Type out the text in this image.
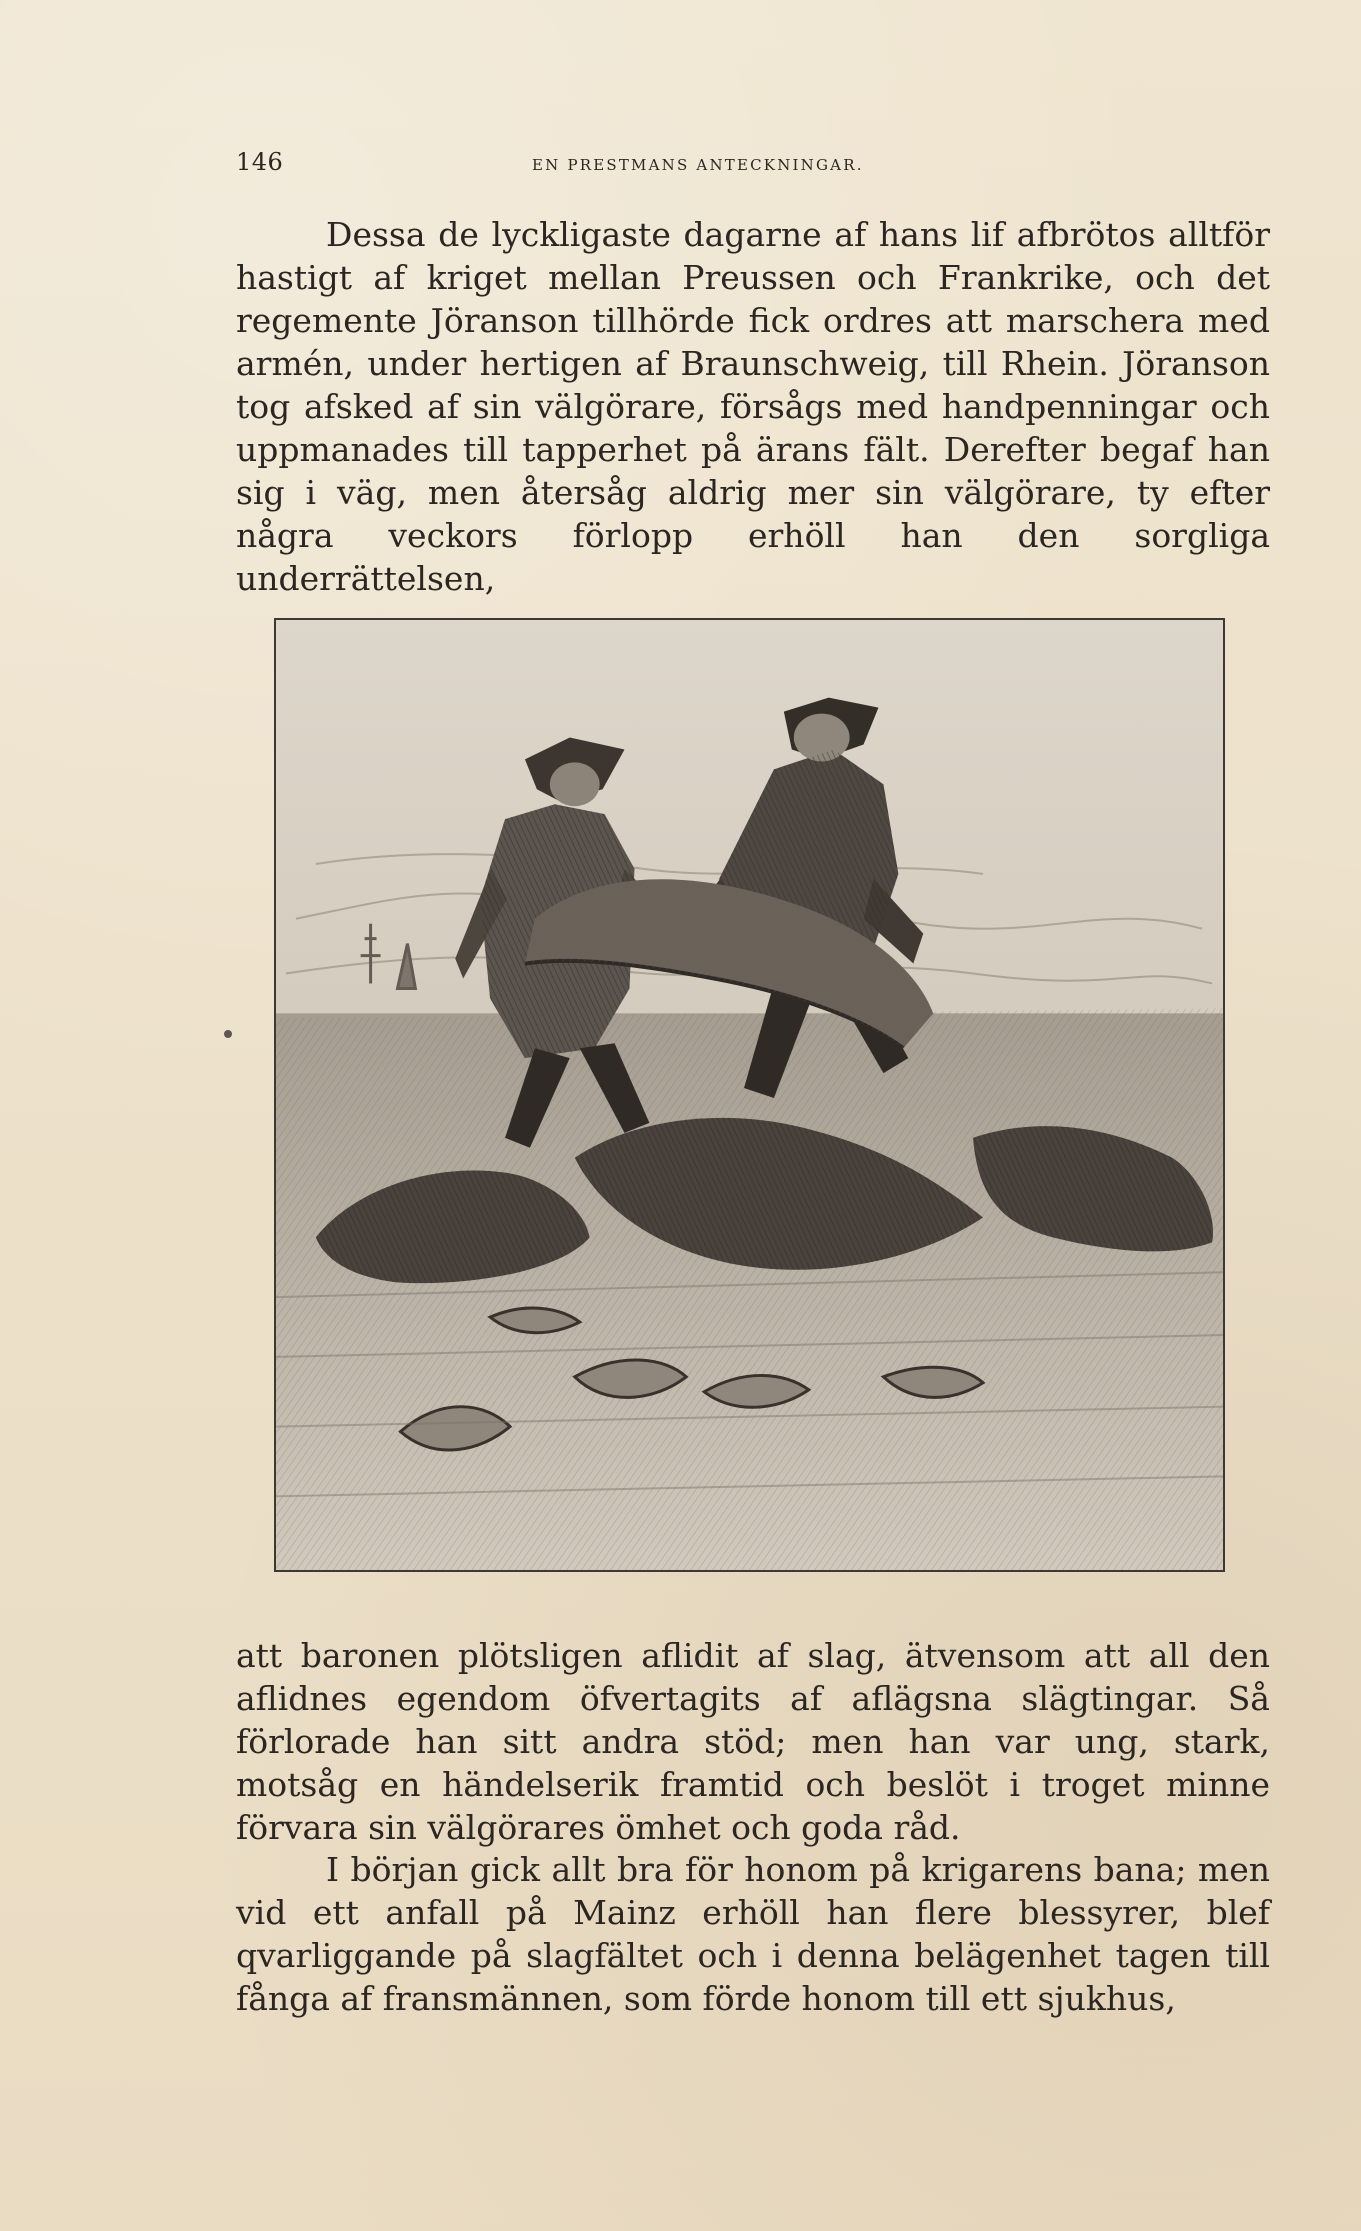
146	EN PRESTMANS ANTECKNINGAR.

Dessa de lyckligaste dagarne af hans lif afbrötos alltför hastigt af kriget mellan Preussen och Frankrike, och det regemente Jöranson tillhörde fick ordres att marschera med armén, under hertigen af Braunschweig, till Rhein. Jöranson tog afsked af sin välgörare, försågs med handpenningar och uppmanades till tapperhet på ärans fält. Derefter begaf han sig i väg, men återsåg aldrig mer sin välgörare, ty efter några veckors förlopp erhöll han den sorgliga underrättelsen,

att baronen plötsligen aflidit af slag, ätvensom att all den aflidnes egendom öfvertagits af aflägsna slägtingar. Så förlorade han sitt andra stöd; men han var ung, stark, motsåg en händelserik framtid och beslöt i troget minne förvara sin välgörares ömhet och goda råd.

I början gick allt bra för honom på krigarens bana; men vid ett anfall på Mainz erhöll han flere blessyrer, blef qvarliggande på slagfältet och i denna belägenhet tagen till fånga af fransmännen, som förde honom till ett sjukhus,
